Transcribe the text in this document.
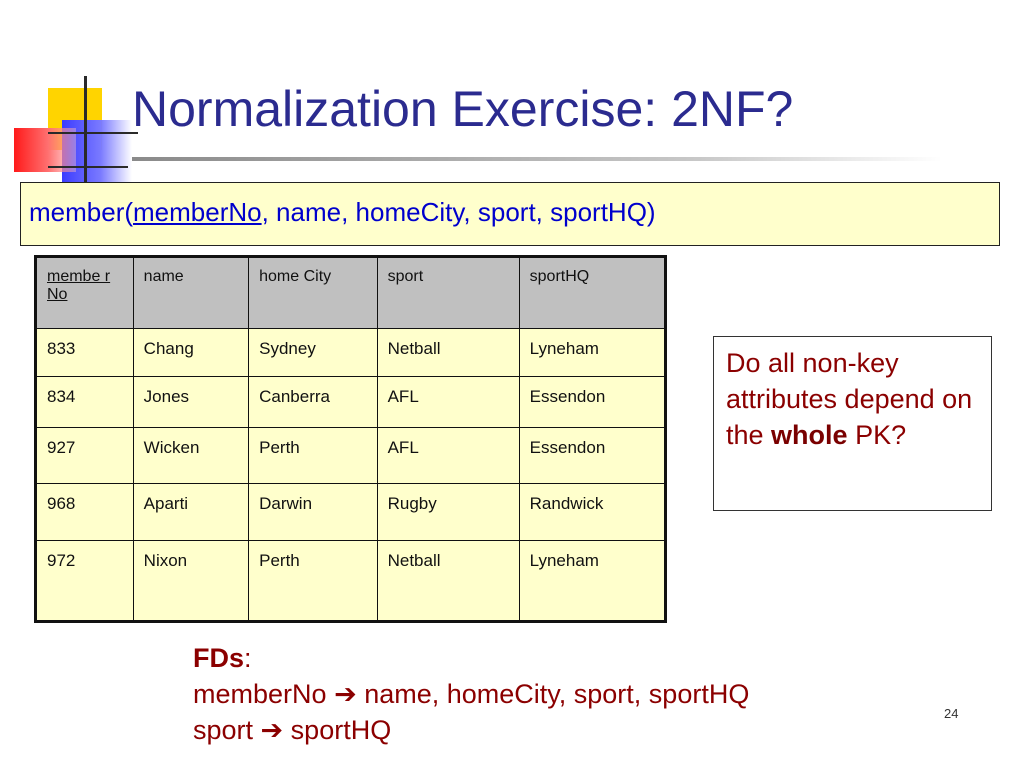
Normalization Exercise: 2NF?
member(memberNo, name, homeCity, sport, sportHQ)
membe r No	name	home City	sport	sportHQ
833	Chang	Sydney	Netball	Lyneham
834	Jones	Canberra	AFL	Essendon
927	Wicken	Perth	AFL	Essendon
968	Aparti	Darwin	Rugby	Randwick
972	Nixon	Perth	Netball	Lyneham
Do all non-key attributes depend on the whole PK?
FDs:
memberNo ➔ name, homeCity, sport, sportHQ
sport ➔ sportHQ
24
